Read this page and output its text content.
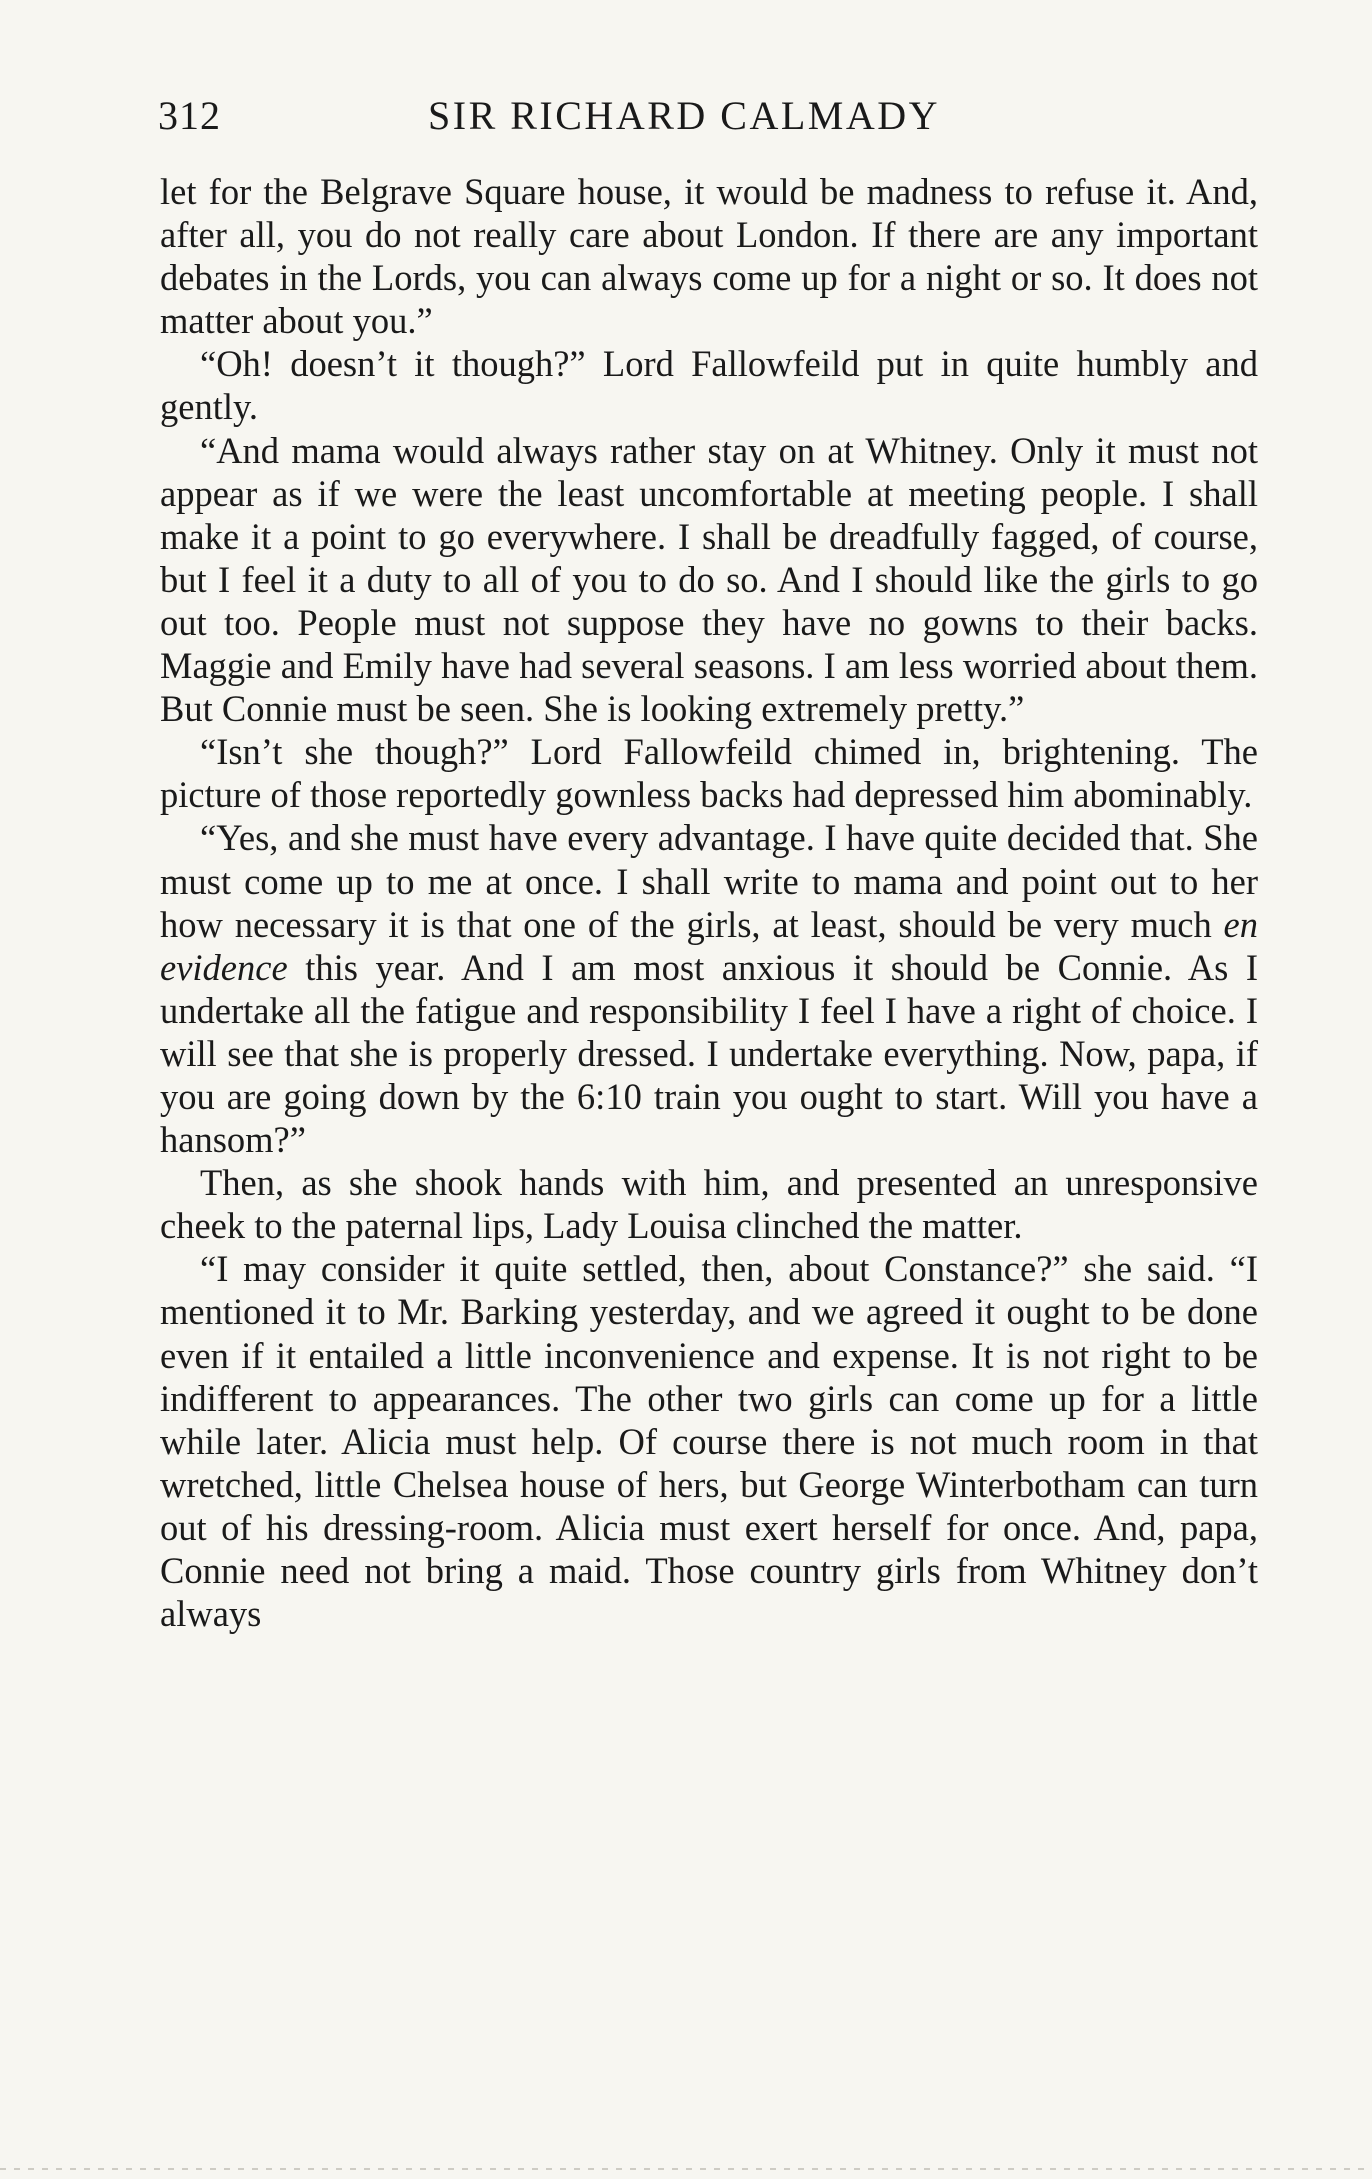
312	SIR RICHARD CALMADY

let for the Belgrave Square house, it would be madness to refuse it. And, after all, you do not really care about London. If there are any important debates in the Lords, you can always come up for a night or so. It does not matter about you.”

“Oh! doesn’t it though?” Lord Fallowfeild put in quite humbly and gently.

“And mama would always rather stay on at Whitney. Only it must not appear as if we were the least uncomfortable at meeting people. I shall make it a point to go everywhere. I shall be dreadfully fagged, of course, but I feel it a duty to all of you to do so. And I should like the girls to go out too. People must not suppose they have no gowns to their backs. Maggie and Emily have had several seasons. I am less worried about them. But Connie must be seen. She is looking extremely pretty.”

“Isn’t she though?” Lord Fallowfeild chimed in, brightening. The picture of those reportedly gownless backs had depressed him abominably.

“Yes, and she must have every advantage. I have quite decided that. She must come up to me at once. I shall write to mama and point out to her how necessary it is that one of the girls, at least, should be very much en evidence this year. And I am most anxious it should be Connie. As I undertake all the fatigue and responsibility I feel I have a right of choice. I will see that she is properly dressed. I undertake everything. Now, papa, if you are going down by the 6:10 train you ought to start. Will you have a hansom?”

Then, as she shook hands with him, and presented an unresponsive cheek to the paternal lips, Lady Louisa clinched the matter.

“I may consider it quite settled, then, about Constance?” she said. “I mentioned it to Mr. Barking yesterday, and we agreed it ought to be done even if it entailed a little inconvenience and expense. It is not right to be indifferent to appearances. The other two girls can come up for a little while later. Alicia must help. Of course there is not much room in that wretched, little Chelsea house of hers, but George Winterbotham can turn out of his dressing-room. Alicia must exert herself for once. And, papa, Connie need not bring a maid. Those country girls from Whitney don’t always
